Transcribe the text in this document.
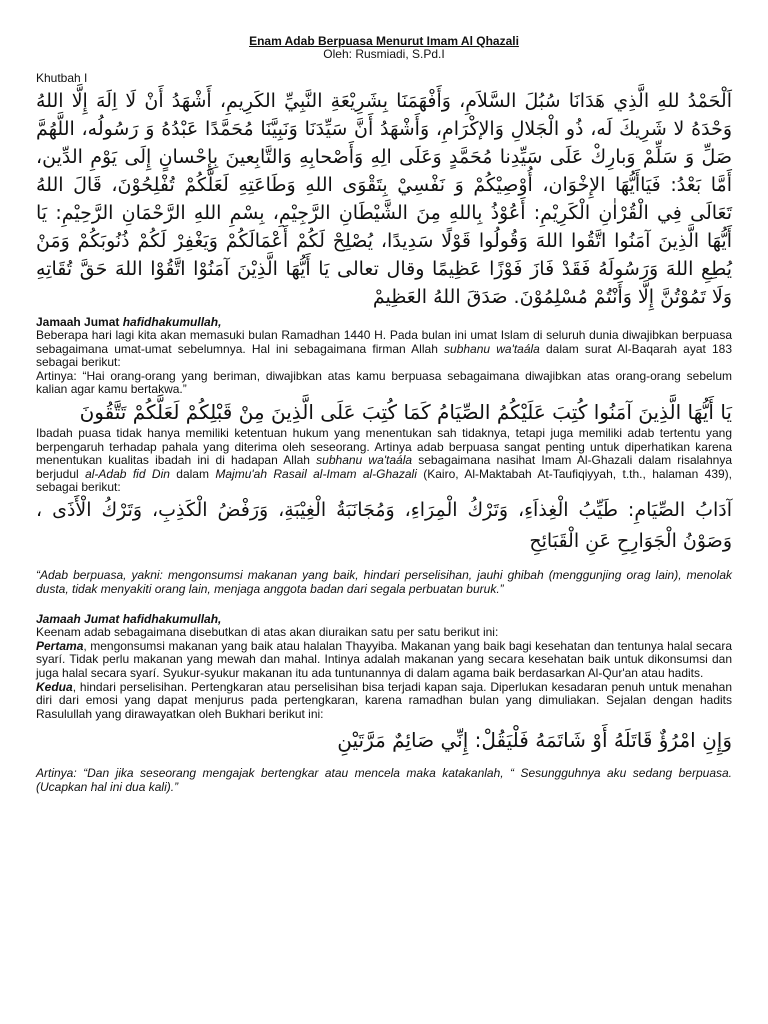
Enam Adab Berpuasa Menurut Imam Al Qhazali
Oleh: Rusmiadi, S.Pd.I
Khutbah I
اَلْحَمْدُ للهِ الَّذِي هَدَانَا سُبُلَ السَّلاَمِ، وَأَفْهَمَنَا بِشَرِيْعَةِ النَّبِيِّ الكَرِيمِ، أَشْهَدُ أَنْ لَا اِلَهَ إِلَّا اللهُ وَحْدَهُ لا شَرِيكَ لَه، ذُو الْجَلالِ وَالإكْرَامِ، وَأَشْهَدُ أَنَّ سَيِّدَنَا وَنَبِيَّنَا مُحَمَّدًا عَبْدُهُ وَ رَسُولُه، اللَّهُمَّ صَلِّ وَ سَلِّمْ وَبارِكْ عَلَى سَيِّدِنا مُحَمَّدٍ وَعَلَى الِهِ وَأَصْحابِهِ وَالتَّابِعينَ بِإِحْسانٍ إِلَى يَوْمِ الدِّين، أَمَّا بَعْدُ: فَيَاأَيُّهَا الإِخْوَان، أُوْصِيْكُمْ وَ نَفْسِيْ بِتَقْوَى اللهِ وَطَاعَتِهِ لَعَلَّكُمْ تُفْلِحُوْنَ، قَالَ اللهُ تَعَالَى فِي الْقُرْاٰنِ الْكَرِيْمِ: أَعُوْذُ بِاللهِ مِنَ الشَّيْطَانِ الرَّجِيْمِ، بِسْمِ اللهِ الرَّحْمَانِ الرَّحِيْمِ: يَا أَيُّهَا الَّذِينَ آمَنُوا اتَّقُوا اللهَ وَقُولُوا قَوْلًا سَدِيدًا، يُصْلِحْ لَكُمْ أَعْمَالَكُمْ وَيَغْفِرْ لَكُمْ ذُنُوبَكُمْ وَمَنْ يُطِعِ اللهَ وَرَسُولَهُ فَقَدْ فَازَ فَوْزًا عَظِيمًا وقال تعالى يَا أَيُّهَا الَّذِيْنَ آمَنُوْا اتَّقُوْا اللهَ حَقَّ تُقَاتِهِ وَلَا تَمُوْتُنَّ إِلَّا وَأَنْتُمْ مُسْلِمُوْنَ. صَدَقَ اللهُ العَظِيمْ
Jamaah Jumat hafidhakumullah,

Beberapa hari lagi kita akan memasuki bulan Ramadhan 1440 H. Pada bulan ini umat Islam di seluruh dunia diwajibkan berpuasa sebagaimana umat-umat sebelumnya. Hal ini sebagaimana firman Allah subhanu wa'taála dalam surat Al-Baqarah ayat 183 sebagai berikut:

Artinya: “Hai orang-orang yang beriman, diwajibkan atas kamu berpuasa sebagaimana diwajibkan atas orang-orang sebelum kalian agar kamu bertakwa.”

يَا أَيُّهَا الَّذِينَ آمَنُوا كُتِبَ عَلَيْكُمُ الصِّيَامُ كَمَا كُتِبَ عَلَى الَّذِينَ مِنْ قَبْلِكُمْ لَعَلَّكُمْ تَتَّقُونَ

Ibadah puasa tidak hanya memiliki ketentuan hukum yang menentukan sah tidaknya, tetapi juga memiliki adab tertentu yang berpengaruh terhadap pahala yang diterima oleh seseorang. Artinya adab berpuasa sangat penting untuk diperhatikan karena menentukan kualitas ibadah ini di hadapan Allah subhanu wa'taála sebagaimana nasihat Imam Al-Ghazali dalam risalahnya berjudul al-Adab fid Din dalam Majmu'ah Rasail al-Imam al-Ghazali (Kairo, Al-Maktabah At-Taufiqiyyah, t.th., halaman 439), sebagai berikut:

آدَابُ الصِّيَامِ: طَيِّبُ الْغِذاَءِ، وَتَرْكُ الْمِرَاءِ، وَمُجَانَبَةُ الْغِيْبَةِ، وَرَفْضُ الْكَذِبِ، وَتَرْكُ الْأَذَى ، وَصَوْنُ الْجَوَارِحِ عَنِ الْقَبَائِحِ

“Adab berpuasa, yakni: mengonsumsi makanan yang baik, hindari perselisihan, jauhi ghibah (menggunjing orag lain), menolak dusta, tidak menyakiti orang lain, menjaga anggota badan dari segala perbuatan buruk.”

Jamaah Jumat hafidhakumullah,

Keenam adab sebagaimana disebutkan di atas akan diuraikan satu per satu berikut ini:

Pertama, mengonsumsi makanan yang baik atau halalan Thayyiba. Makanan yang baik bagi kesehatan dan tentunya halal secara syarí. Tidak perlu makanan yang mewah dan mahal. Intinya adalah makanan yang secara kesehatan baik untuk dikonsumsi dan juga halal secara syarí. Syukur-syukur makanan itu ada tuntunannya di dalam agama baik berdasarkan Al-Qur'an atau hadits.

Kedua, hindari perselisihan. Pertengkaran atau perselisihan bisa terjadi kapan saja. Diperlukan kesadaran penuh untuk menahan diri dari emosi yang dapat menjurus pada pertengkaran, karena ramadhan bulan yang dimuliakan. Sejalan dengan hadits Rasulullah yang dirawayatkan oleh Bukhari berikut ini:

وَإِنِ امْرُؤٌ قَاتَلَهُ أَوْ شَاتَمَهُ فَلْيَقُلْ: إِنِّي صَائِمٌ مَرَّتَيْنِ

Artinya: “Dan jika seseorang mengajak bertengkar atau mencela maka katakanlah, “ Sesungguhnya aku sedang berpuasa. (Ucapkan hal ini dua kali).”
